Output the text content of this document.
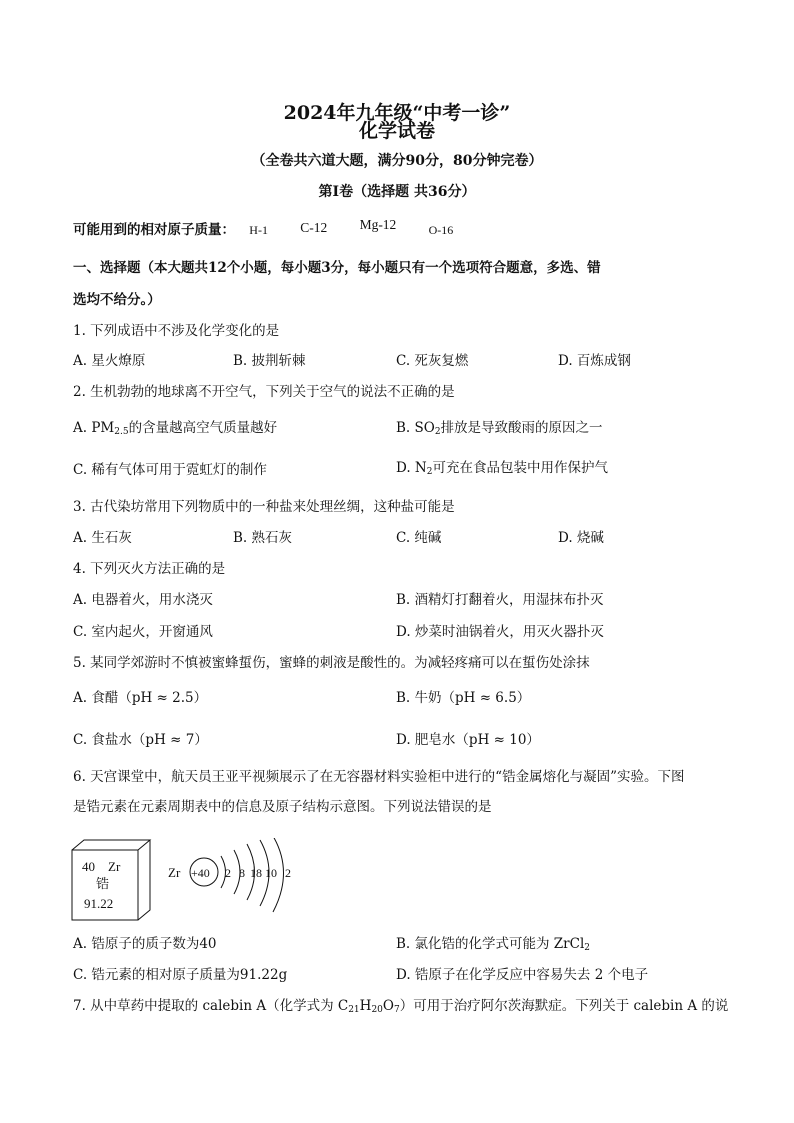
2024年九年级“中考一诊”
化学试卷
（全卷共六道大题，满分90分，80分钟完卷）
第Ⅰ卷（选择题 共36分）
可能用到的相对原子质量： H-1 C-12 Mg-12	O-16
一、选择题（本大题共12个小题，每小题3分，每小题只有一个选项符合题意，多选、错
选均不给分。）
1. 下列成语中不涉及化学变化的是
A. 星火燎原	B. 披荆斩棘	C. 死灰复燃	D. 百炼成钢
2. 生机勃勃的地球离不开空气，下列关于空气的说法不正确的是
A. $PM_{2.5}$的含量越高空气质量越好	B. $SO_2$排放是导致酸雨的原因之一
C. 稀有气体可用于霓虹灯的制作	D. $N_2$可充在食品包装中用作保护气
3. 古代染坊常用下列物质中的一种盐来处理丝绸，这种盐可能是
A. 生石灰	B. 熟石灰	C. 纯碱	D. 烧碱
4. 下列灭火方法正确的是
A. 电器着火，用水浇灭	B. 酒精灯打翻着火，用湿抹布扑灭
C. 室内起火，开窗通风	D. 炒菜时油锅着火，用灭火器扑灭
5. 某同学郊游时不慎被蜜蜂蜇伤，蜜蜂的刺液是酸性的。为减轻疼痛可以在蜇伤处涂抹
A. 食醋（pH ≈ 2.5）	B. 牛奶（pH ≈ 6.5）
C. 食盐水（pH ≈ 7）	D. 肥皂水（pH ≈ 10）
6. 天宫课堂中，航天员王亚平视频展示了在无容器材料实验柜中进行的“锆金属熔化与凝固”实验。下图
是锆元素在元素周期表中的信息及原子结构示意图。下列说法错误的是
40 Zr
锆
91.22
Zr +40 2 8 18 10 2
A. 锆原子的质子数为40	B. 氯化锆的化学式可能为 ZrCl$_2$
C. 锆元素的相对原子质量为91.22g	D. 锆原子在化学反应中容易失去 2 个电子
7. 从中草药中提取的 calebin A（化学式为 $C_{21}H_{20}O_7$）可用于治疗阿尔茨海默症。下列关于 calebin A 的说
